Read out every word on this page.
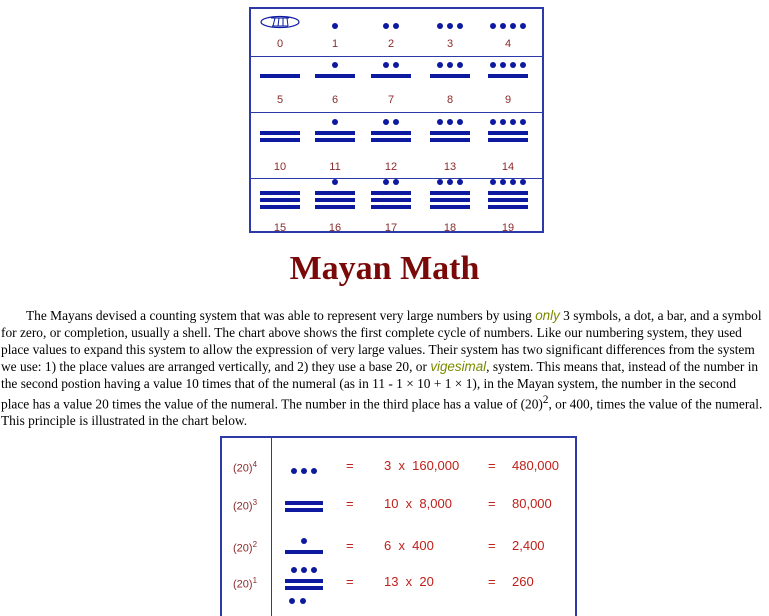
0	1	2	3	4
5	6	7	8	9
10	11	12	13	14
15	16	17	18	19
Mayan Math

The Mayans devised a counting system that was able to represent very large numbers by using only 3 symbols, a dot, a bar, and a symbol for zero, or completion, usually a shell. The chart above shows the first complete cycle of numbers. Like our numbering system, they used place values to expand this system to allow the expression of very large values. Their system has two significant differences from the system we use: 1) the place values are arranged vertically, and 2) they use a base 20, or vigesimal, system. This means that, instead of the number in the second postion having a value 10 times that of the numeral (as in 11 - 1 × 10 + 1 × 1), in the Mayan system, the number in the second place has a value 20 times the value of the numeral. The number in the third place has a value of $(20)^2$, or 400, times the value of the numeral. This principle is illustrated in the chart below.

$(20)^4$	= 3  x  160,000 = 480,000
$(20)^3$	= 10  x  8,000	= 80,000
$(20)^2$	= 6  x  400	= 2,400
$(20)^1$	= 13  x  20	= 260
